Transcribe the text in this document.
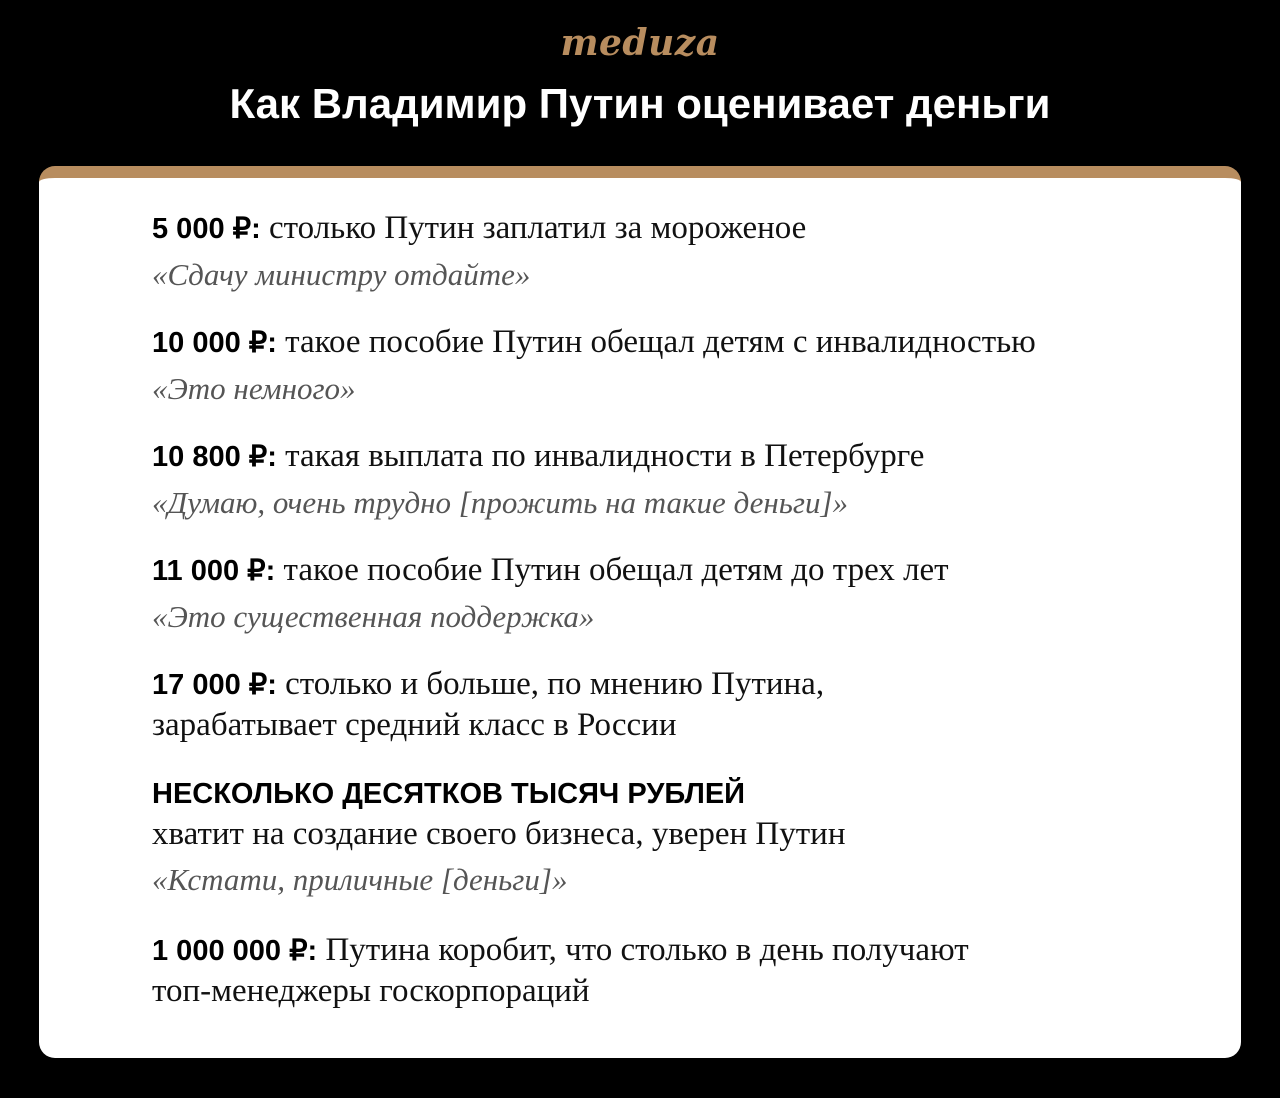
meduza
Как Владимир Путин оценивает деньги
5 000 ₽: столько Путин заплатил за мороженое
«Сдачу министру отдайте»
10 000 ₽: такое пособие Путин обещал детям с инвалидностью
«Это немного»
10 800 ₽: такая выплата по инвалидности в Петербурге
«Думаю, очень трудно [прожить на такие деньги]»
11 000 ₽: такое пособие Путин обещал детям до трех лет
«Это существенная поддержка»
17 000 ₽: столько и больше, по мнению Путина,
зарабатывает средний класс в России
НЕСКОЛЬКО ДЕСЯТКОВ ТЫСЯЧ РУБЛЕЙ
хватит на создание своего бизнеса, уверен Путин
«Кстати, приличные [деньги]»
1 000 000 ₽: Путина коробит, что столько в день получают
топ-менеджеры госкорпораций
